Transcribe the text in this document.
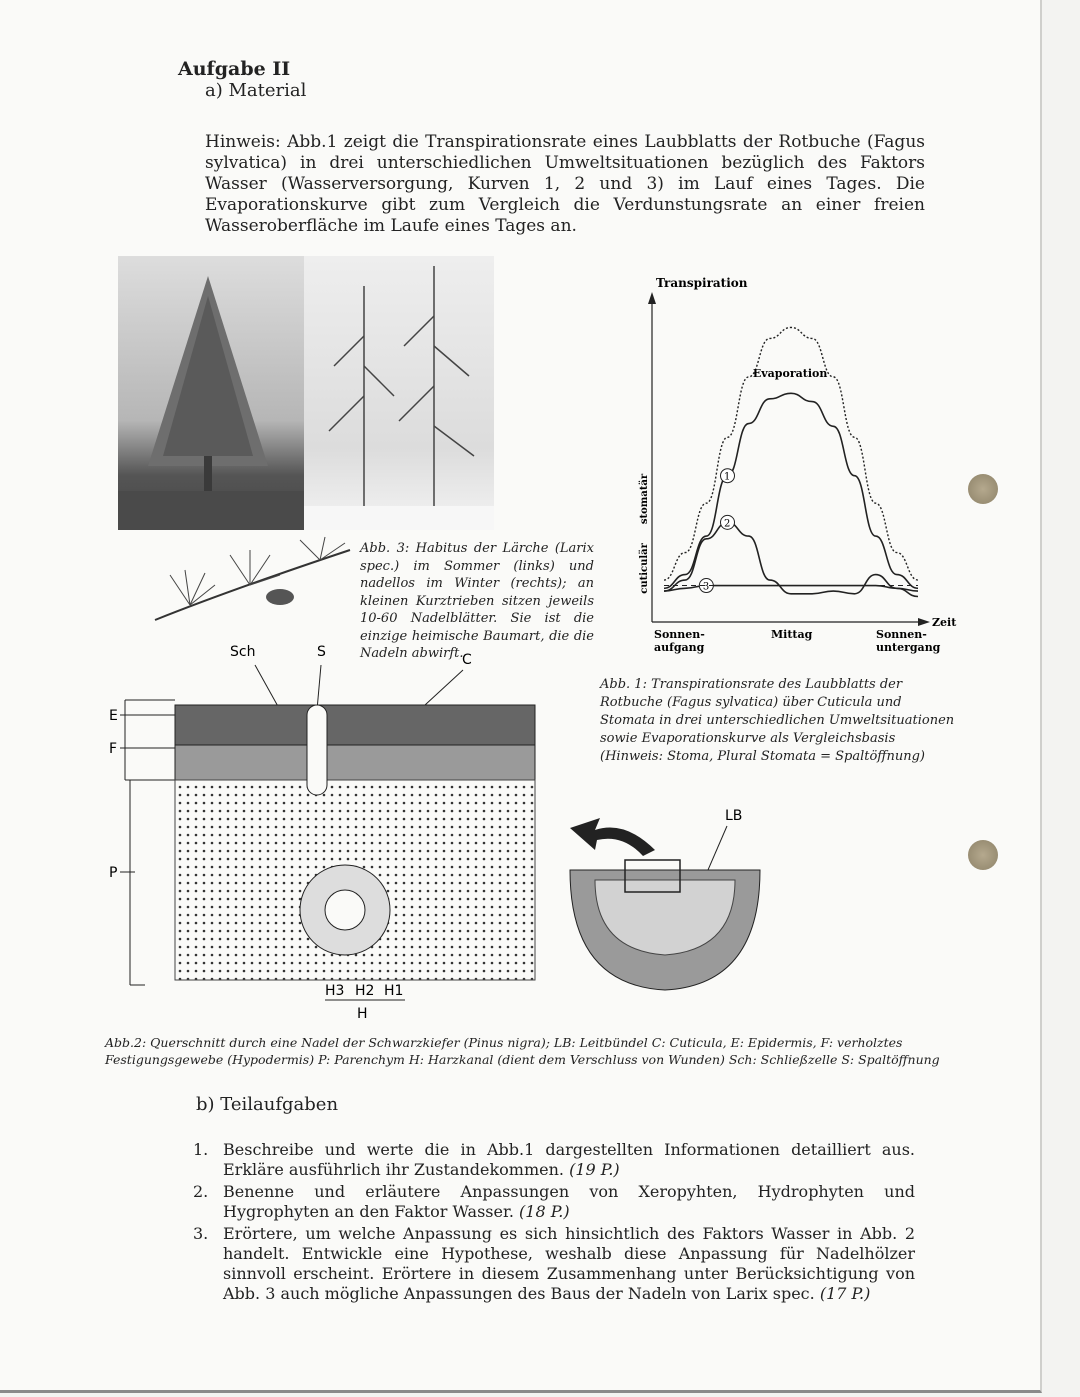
Aufgabe II
a) Material
Hinweis: Abb.1 zeigt die Transpirationsrate eines Laubblatts der Rotbuche (Fagus sylvatica) in drei unterschiedlichen Umweltsituationen bezüglich des Faktors Wasser (Wasserversorgung, Kurven 1, 2 und 3) im Lauf eines Tages. Die Evaporationskurve gibt zum Vergleich die Verdunstungsrate an einer freien Wasseroberfläche im Laufe eines Tages an.
Abb. 3: Habitus der Lärche (Larix spec.) im Sommer (links) und nadellos im Winter (rechts); an kleinen Kurztrieben sitzen jeweils 10-60 Nadelblätter. Sie ist die einzige heimische Baumart, die die Nadeln abwirft.
Transpiration
Zeit
cuticulär
stomatär
Sonnen-aufgang
Mittag	Sonnen-untergang
Evaporation
1
2
3
Abb. 1: Transpirationsrate des Laubblatts der Rotbuche (Fagus sylvatica) über Cuticula und Stomata in drei unterschiedlichen Umweltsituationen sowie Evaporationskurve als Vergleichsbasis
(Hinweis: Stoma, Plural Stomata = Spaltöffnung)
Sch	S	C
E
F
P
H3 H2 H1
H
LB
Abb.2: Querschnitt durch eine Nadel der Schwarzkiefer (Pinus nigra); LB: Leitbündel C: Cuticula, E: Epidermis, F: verholztes Festigungsgewebe (Hypodermis) P: Parenchym H: Harzkanal (dient dem Verschluss von Wunden) Sch: Schließzelle S: Spaltöffnung
b) Teilaufgaben
1. Beschreibe und werte die in Abb.1 dargestellten Informationen detailliert aus. Erkläre ausführlich ihr Zustandekommen. (19 P.)
2. Benenne und erläutere Anpassungen von Xeropyhten, Hydrophyten und Hygrophyten an den Faktor Wasser. (18 P.)
3. Erörtere, um welche Anpassung es sich hinsichtlich des Faktors Wasser in Abb. 2 handelt. Entwickle eine Hypothese, weshalb diese Anpassung für Nadelhölzer sinnvoll erscheint. Erörtere in diesem Zusammenhang unter Berücksichtigung von Abb. 3 auch mögliche Anpassungen des Baus der Nadeln von Larix spec. (17 P.)
